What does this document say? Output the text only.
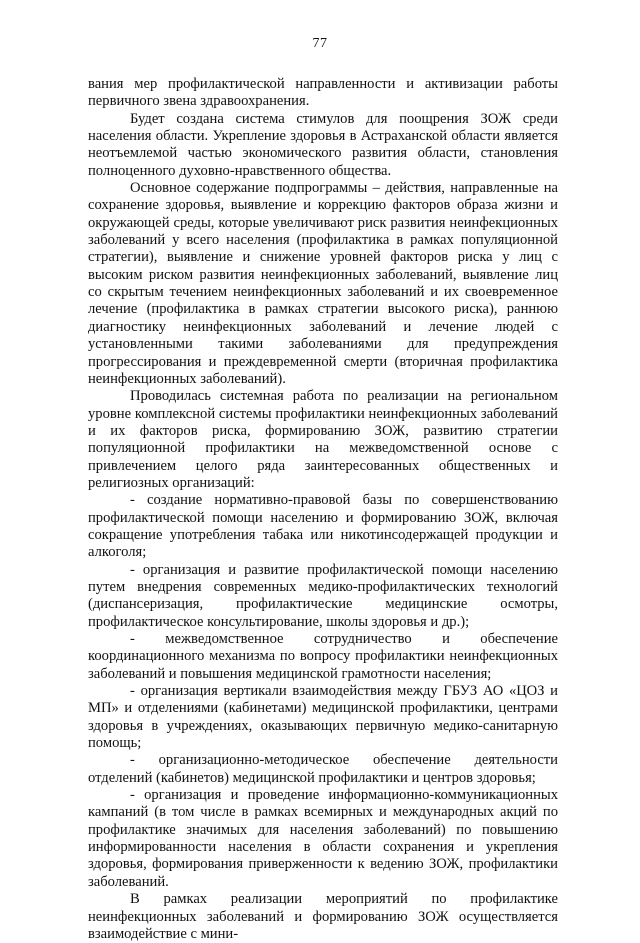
77

вания мер профилактической направленности и активизации работы первичного звена здравоохранения.

Будет создана система стимулов для поощрения ЗОЖ среди населения области. Укрепление здоровья в Астраханской области является неотъемлемой частью экономического развития области, становления полноценного духовно-нравственного общества.

Основное содержание подпрограммы – действия, направленные на сохранение здоровья, выявление и коррекцию факторов образа жизни и окружающей среды, которые увеличивают риск развития неинфекционных заболеваний у всего населения (профилактика в рамках популяционной стратегии), выявление и снижение уровней факторов риска у лиц с высоким риском развития неинфекционных заболеваний, выявление лиц со скрытым течением неинфекционных заболеваний и их своевременное лечение (профилактика в рамках стратегии высокого риска), раннюю диагностику неинфекционных заболеваний и лечение людей с установленными такими заболеваниями для предупреждения прогрессирования и преждевременной смерти (вторичная профилактика неинфекционных заболеваний).

Проводилась системная работа по реализации на региональном уровне комплексной системы профилактики неинфекционных заболеваний и их факторов риска, формированию ЗОЖ, развитию стратегии популяционной профилактики на межведомственной основе с привлечением целого ряда заинтересованных общественных и религиозных организаций:

- создание нормативно-правовой базы по совершенствованию профилактической помощи населению и формированию ЗОЖ, включая сокращение употребления табака или никотинсодержащей продукции и алкоголя;

- организация и развитие профилактической помощи населению путем внедрения современных медико-профилактических технологий (диспансеризация, профилактические медицинские осмотры, профилактическое консультирование, школы здоровья и др.);

- межведомственное сотрудничество и обеспечение координационного механизма по вопросу профилактики неинфекционных заболеваний и повышения медицинской грамотности населения;

- организация вертикали взаимодействия между ГБУЗ АО «ЦОЗ и МП» и отделениями (кабинетами) медицинской профилактики, центрами здоровья в учреждениях, оказывающих первичную медико-санитарную помощь;

- организационно-методическое обеспечение деятельности отделений (кабинетов) медицинской профилактики и центров здоровья;

- организация и проведение информационно-коммуникационных кампаний (в том числе в рамках всемирных и международных акций по профилактике значимых для населения заболеваний) по повышению информированности населения в области сохранения и укрепления здоровья, формирования приверженности к ведению ЗОЖ, профилактики заболеваний.

В рамках реализации мероприятий по профилактике неинфекционных заболеваний и формированию ЗОЖ осуществляется взаимодействие с мини-
